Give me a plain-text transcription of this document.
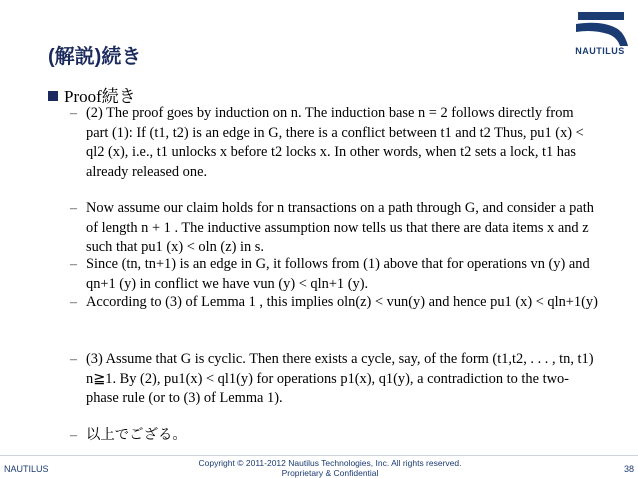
NAUTILUS
(解説)続き
Proof続き
– (2) The proof goes by induction on n. The induction base n = 2 follows directly from part (1): If (t1, t2) is an edge in G, there is a conflict between t1 and t2 Thus, pu1 (x) < ql2 (x), i.e., t1 unlocks x before t2 locks x. In other words, when t2 sets a lock, t1 has already released one.
– Now assume our claim holds for n transactions on a path through G, and consider a path of length n + 1 . The inductive assumption now tells us that there are data items x and z such that pu1 (x) < oln (z) in s.
– Since (tn, tn+1) is an edge in G, it follows from (1) above that for operations vn (y) and qn+1 (y) in conflict we have vun (y) < qln+1 (y).
– According to (3) of Lemma 1 , this implies oln(z) < vun(y) and hence pu1 (x) < qln+1(y)
– (3) Assume that G is cyclic. Then there exists a cycle, say, of the form (t1,t2, . . . , tn, t1) n≧1. By (2), pu1(x) < ql1(y) for operations p1(x), q1(y), a contradiction to the two-phase rule (or to (3) of Lemma 1).
– 以上でござる。
NAUTILUS
Copyright © 2011-2012 Nautilus Technologies, Inc. All rights reserved.
Proprietary & Confidential	38
